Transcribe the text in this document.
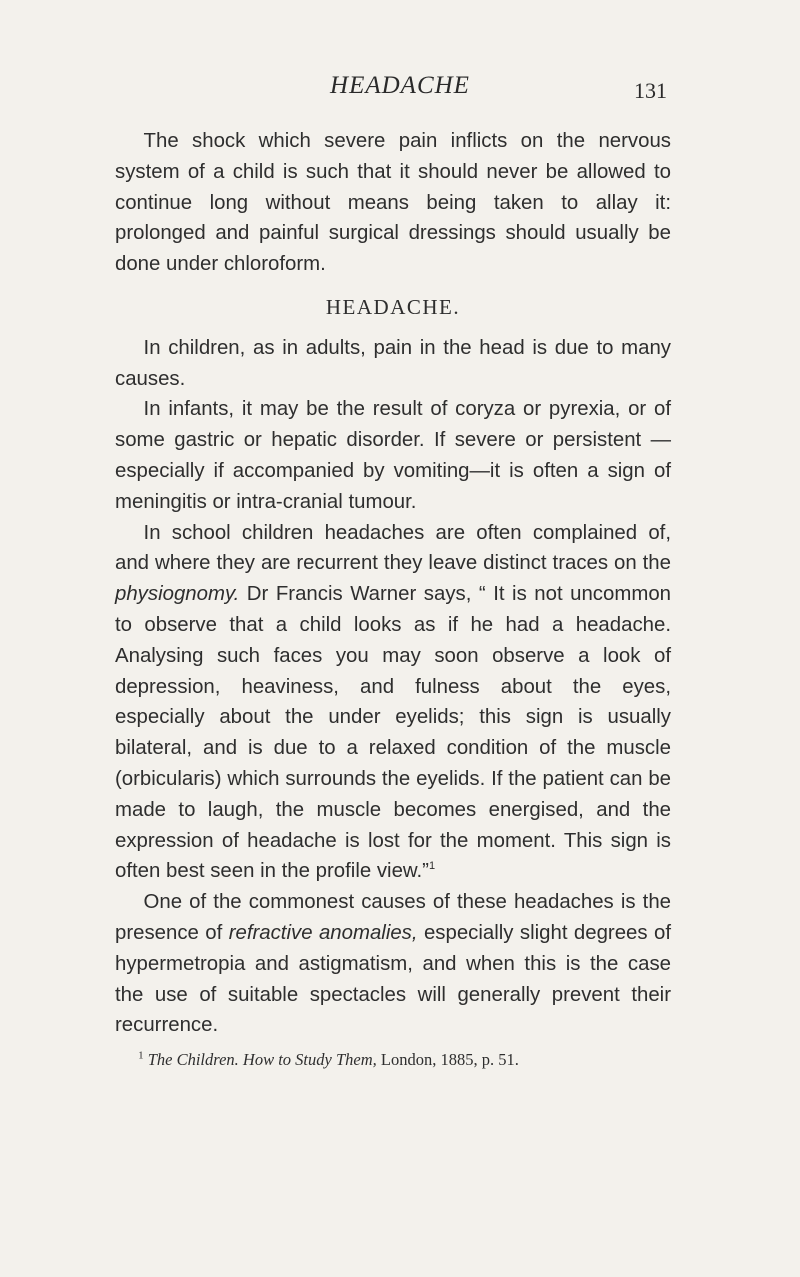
HEADACHE	131

The shock which severe pain inflicts on the nervous system of a child is such that it should never be allowed to continue long without means being taken to allay it: prolonged and painful surgical dressings should usually be done under chloroform.

HEADACHE.

In children, as in adults, pain in the head is due to many causes.

In infants, it may be the result of coryza or pyrexia, or of some gastric or hepatic disorder. If severe or persistent —especially if accompanied by vomiting—it is often a sign of meningitis or intra-cranial tumour.

In school children headaches are often complained of, and where they are recurrent they leave distinct traces on the physiognomy. Dr Francis Warner says, “ It is not uncommon to observe that a child looks as if he had a headache. Analysing such faces you may soon observe a look of depression, heaviness, and fulness about the eyes, especially about the under eyelids; this sign is usually bilateral, and is due to a relaxed condition of the muscle (orbicularis) which surrounds the eyelids. If the patient can be made to laugh, the muscle becomes energised, and the expression of headache is lost for the moment. This sign is often best seen in the profile view.”$^1$

One of the commonest causes of these headaches is the presence of refractive anomalies, especially slight degrees of hypermetropia and astigmatism, and when this is the case the use of suitable spectacles will generally prevent their recurrence.

$^1$ The Children. How to Study Them, London, 1885, p. 51.
